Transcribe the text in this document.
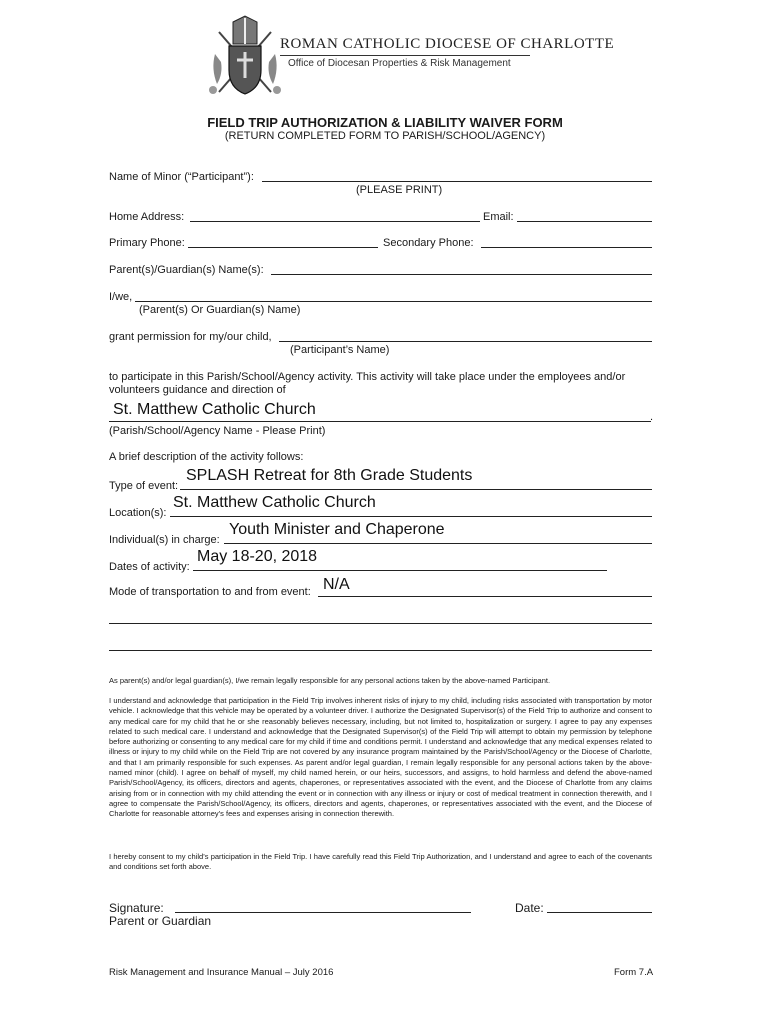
ROMAN CATHOLIC DIOCESE OF CHARLOTTE
Office of Diocesan Properties & Risk Management
FIELD TRIP AUTHORIZATION & LIABILITY WAIVER FORM
(RETURN COMPLETED FORM TO PARISH/SCHOOL/AGENCY)
Name of Minor (“Participant”):
(PLEASE PRINT)
Home Address:	Email:
Primary Phone:	Secondary Phone:
Parent(s)/Guardian(s) Name(s):
I/we,
(Parent(s) Or Guardian(s) Name)
grant permission for my/our child,
(Participant’s Name)
to participate in this Parish/School/Agency activity. This activity will take place under the employees and/or
volunteers guidance and direction of
St. Matthew Catholic Church	.
(Parish/School/Agency Name - Please Print)
A brief description of the activity follows:
Type of event:
SPLASH Retreat for 8th Grade Students
Location(s):
St. Matthew Catholic Church
Individual(s) in charge:
Youth Minister and Chaperone
Dates of activity:
May 18-20, 2018
Mode of transportation to and from event: N/A
As parent(s) and/or legal guardian(s), I/we remain legally responsible for any personal actions taken by the above-named Participant.
I understand and acknowledge that participation in the Field Trip involves inherent risks of injury to my child, including risks associated with transportation by motor vehicle. I acknowledge that this vehicle may be operated by a volunteer driver. I authorize the Designated Supervisor(s) of the Field Trip to authorize and consent to any medical care for my child that he or she reasonably believes necessary, including, but not limited to, hospitalization or surgery. I agree to pay any expenses related to such medical care. I understand and acknowledge that the Designated Supervisor(s) of the Field Trip will attempt to obtain my permission by telephone before authorizing or consenting to any medical care for my child if time and conditions permit. I understand and acknowledge that any medical expenses related to illness or injury to my child while on the Field Trip are not covered by any insurance program maintained by the Parish/School/Agency or the Diocese of Charlotte, and that I am primarily responsible for such expenses. As parent and/or legal guardian, I remain legally responsible for any personal actions taken by the above-named minor (child). I agree on behalf of myself, my child named herein, or our heirs, successors, and assigns, to hold harmless and defend the above-named Parish/School/Agency, its officers, directors and agents, chaperones, or representatives associated with the event, and the Diocese of Charlotte from any claims arising from or in connection with my child attending the event or in connection with any illness or injury or cost of medical treatment in connection therewith, and I agree to compensate the Parish/School/Agency, its officers, directors and agents, chaperones, or representatives associated with the event, and the Diocese of Charlotte for reasonable attorney’s fees and expenses arising in connection therewith.
I hereby consent to my child’s participation in the Field Trip. I have carefully read this Field Trip Authorization, and I understand and agree to each of the covenants and conditions set forth above.
Signature:
Parent or Guardian
Date:
Risk Management and Insurance Manual – July 2016	Form 7.A
